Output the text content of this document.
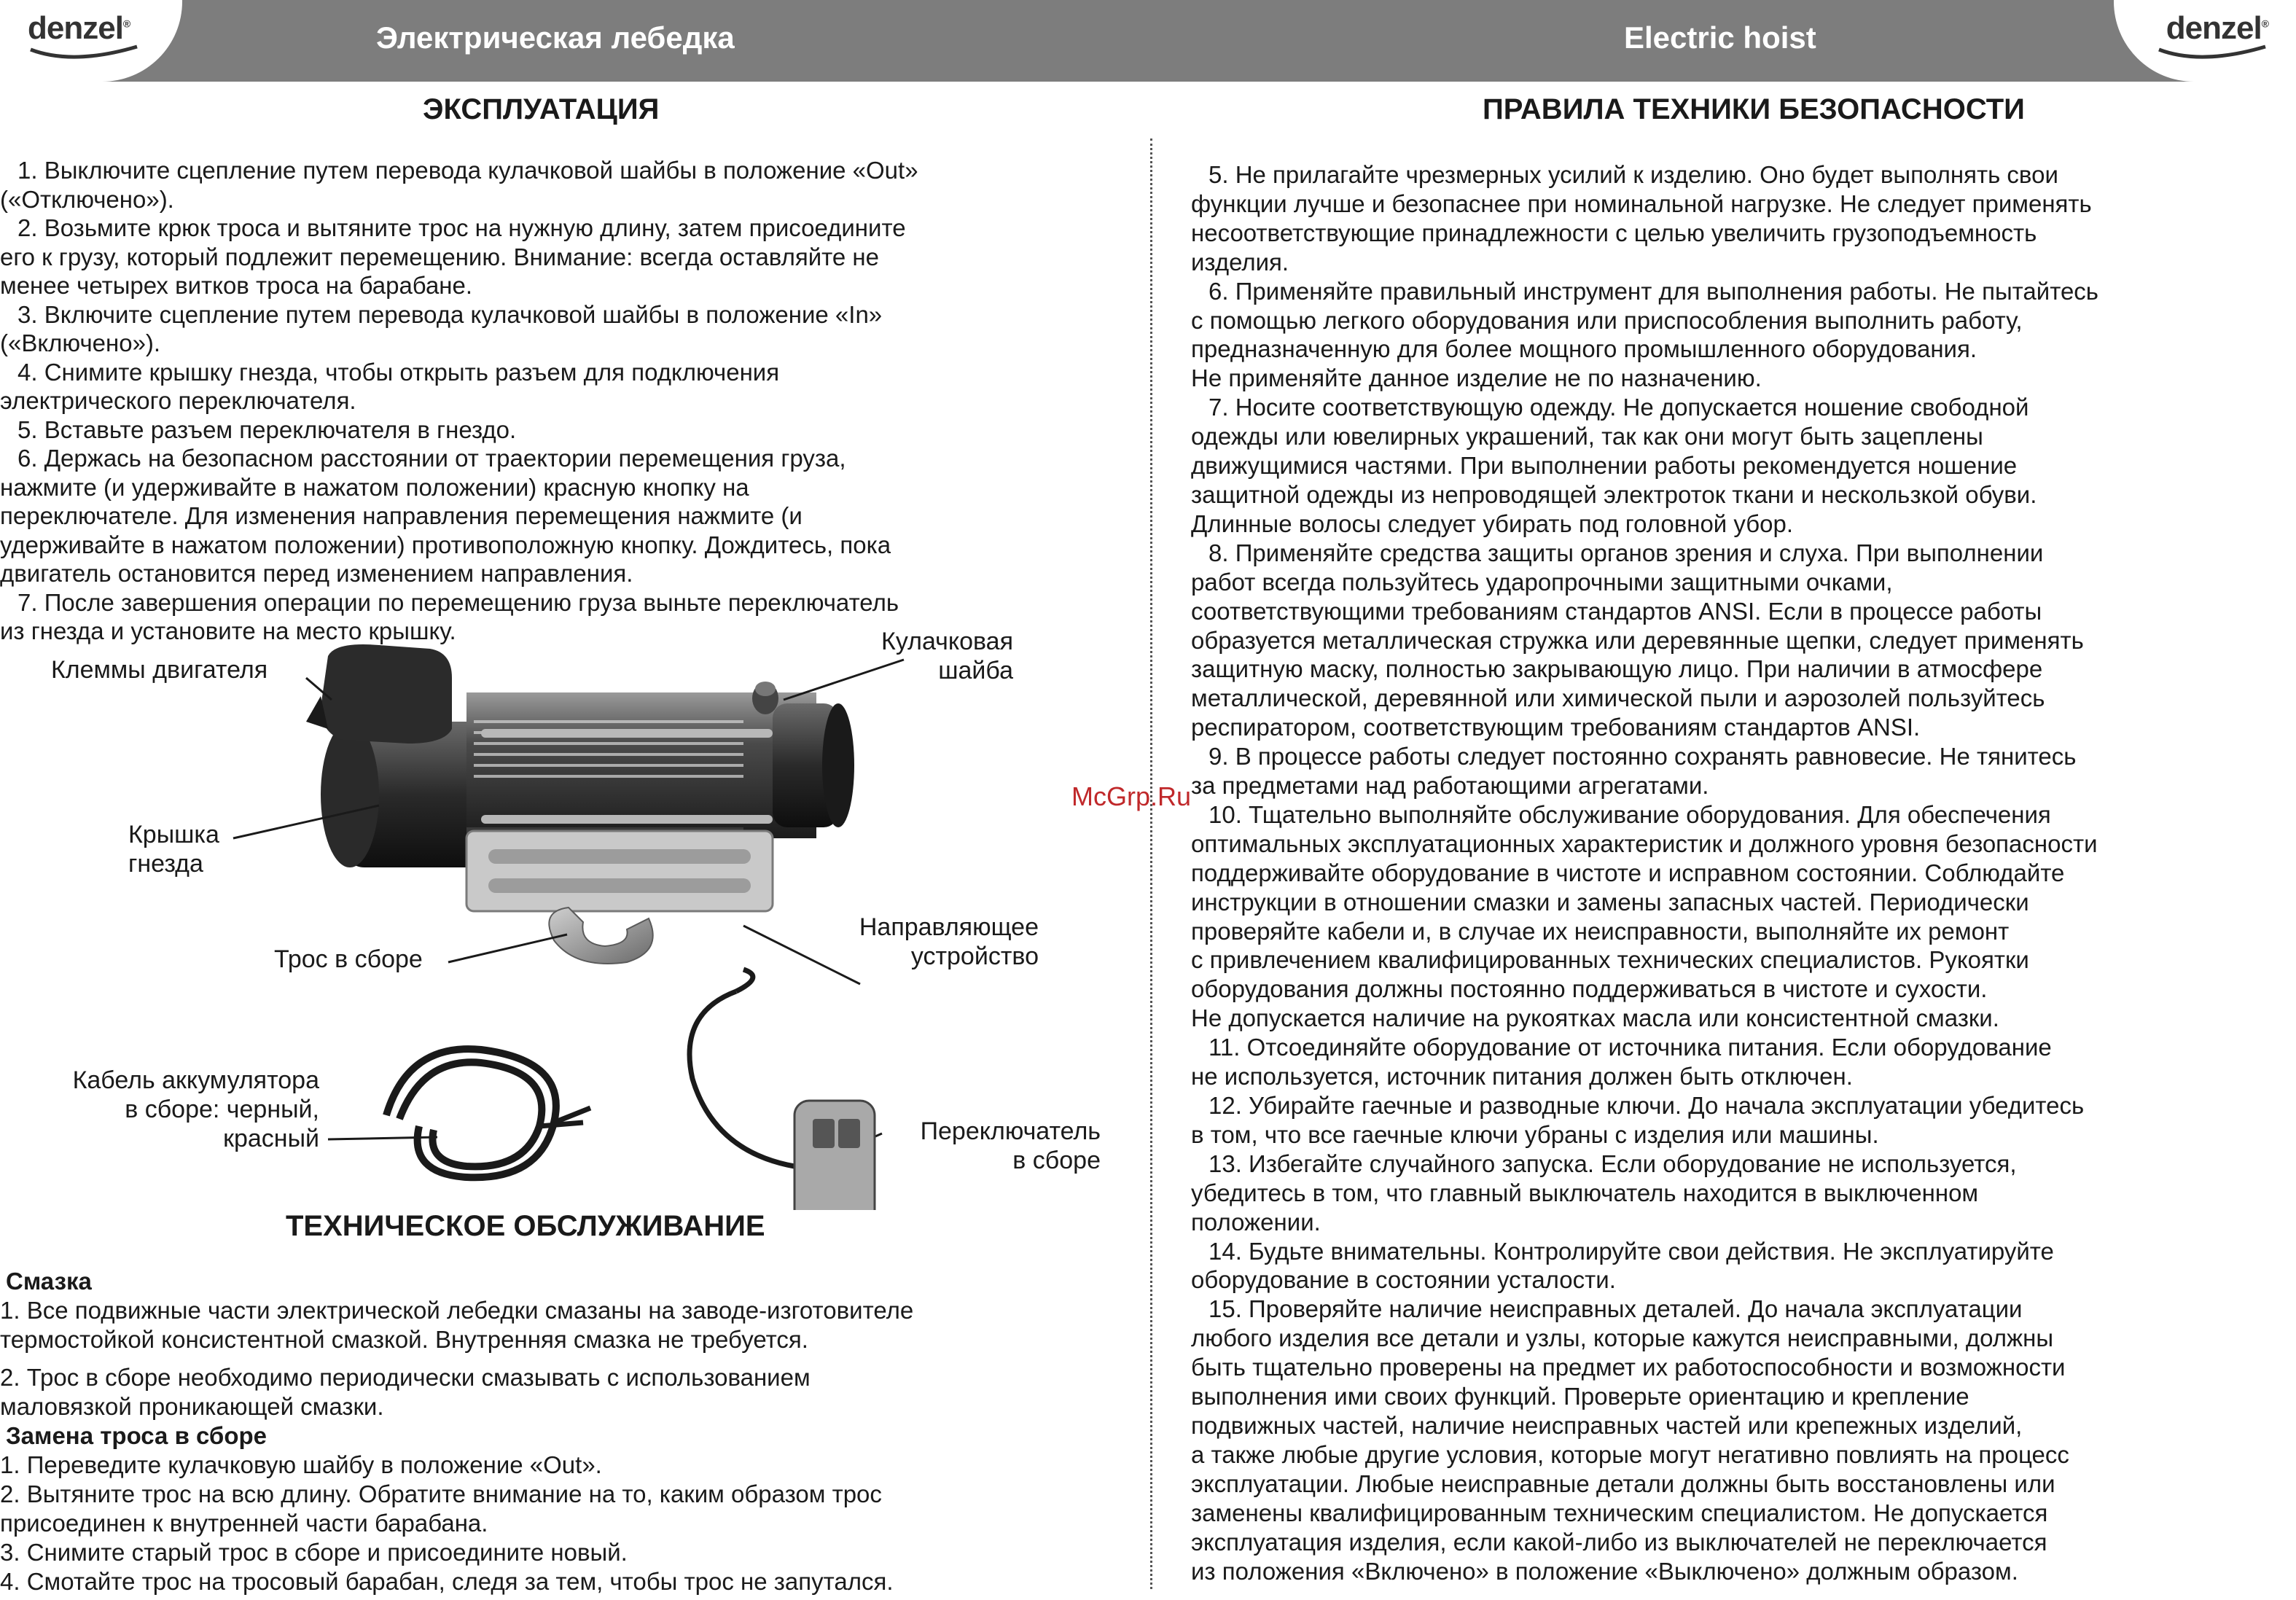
denzel®	Электрическая лебедка	Electric hoist	denzel®
ЭКСПЛУАТАЦИЯ

1. Выключите сцепление путем перевода кулачковой шайбы в положение «Out»

(«Отключено»).

2. Возьмите крюк троса и вытяните трос на нужную длину, затем присоедините

его к грузу, который подлежит перемещению. Внимание: всегда оставляйте не

менее четырех витков троса на барабане.

3. Включите сцепление путем перевода кулачковой шайбы в положение «In»

(«Включено»).

4. Снимите крышку гнезда, чтобы открыть разъем для подключения

электрического переключателя.

5. Вставьте разъем переключателя в гнездо.

6. Держась на безопасном расстоянии от траектории перемещения груза,

нажмите (и удерживайте в нажатом положении) красную кнопку на

переключателе. Для изменения направления перемещения нажмите (и

удерживайте в нажатом положении) противоположную кнопку. Дождитесь, пока

двигатель остановится перед изменением направления.

7. После завершения операции по перемещению груза выньте переключатель

из гнезда и установите на место крышку.

Клеммы двигателя
Кулачковая
шайба
Крышка
гнезда
Трос в сборе
Направляющее
устройство
Кабель аккумулятора
в сборе: черный,
красный	Переключатель
в сборе
ТЕХНИЧЕСКОЕ ОБСЛУЖИВАНИЕ

Смазка

1. Все подвижные части электрической лебедки смазаны на заводе-изготовителе

термостойкой консистентной смазкой. Внутренняя смазка не требуется.

2. Трос в сборе необходимо периодически смазывать с использованием

маловязкой проникающей смазки.

Замена троса в сборе

1. Переведите кулачковую шайбу в положение «Out».

2. Вытяните трос на всю длину. Обратите внимание на то, каким образом трос

присоединен к внутренней части барабана.

3. Снимите старый трос в сборе и присоедините новый.

4. Смотайте трос на тросовый барабан, следя за тем, чтобы трос не запутался.

ПРАВИЛА ТЕХНИКИ БЕЗОПАСНОСТИ

5. Не прилагайте чрезмерных усилий к изделию. Оно будет выполнять свои

функции лучше и безопаснее при номинальной нагрузке. Не следует применять

несоответствующие принадлежности с целью увеличить грузоподъемность

изделия.

6. Применяйте правильный инструмент для выполнения работы. Не пытайтесь

с помощью легкого оборудования или приспособления выполнить работу,

предназначенную для более мощного промышленного оборудования.

Не применяйте данное изделие не по назначению.

7. Носите соответствующую одежду. Не допускается ношение свободной

одежды или ювелирных украшений, так как они могут быть зацеплены

движущимися частями. При выполнении работы рекомендуется ношение

защитной одежды из непроводящей электроток ткани и нескользкой обуви.

Длинные волосы следует убирать под головной убор.

8. Применяйте средства защиты органов зрения и слуха. При выполнении

работ всегда пользуйтесь ударопрочными защитными очками,

соответствующими требованиям стандартов ANSI. Если в процессе работы

образуется металлическая стружка или деревянные щепки, следует применять

защитную маску, полностью закрывающую лицо. При наличии в атмосфере

металлической, деревянной или химической пыли и аэрозолей пользуйтесь

респиратором, соответствующим требованиям стандартов ANSI.

9. В процессе работы следует постоянно сохранять равновесие. Не тянитесь

за предметами над работающими агрегатами.

10. Тщательно выполняйте обслуживание оборудования. Для обеспечения

оптимальных эксплуатационных характеристик и должного уровня безопасности

поддерживайте оборудование в чистоте и исправном состоянии. Соблюдайте

инструкции в отношении смазки и замены запасных частей. Периодически

проверяйте кабели и, в случае их неисправности, выполняйте их ремонт

с привлечением квалифицированных технических специалистов. Рукоятки

оборудования должны постоянно поддерживаться в чистоте и сухости.

Не допускается наличие на рукоятках масла или консистентной смазки.

11. Отсоединяйте оборудование от источника питания. Если оборудование

не используется, источник питания должен быть отключен.

12. Убирайте гаечные и разводные ключи. До начала эксплуатации убедитесь

в том, что все гаечные ключи убраны с изделия или машины.

13. Избегайте случайного запуска. Если оборудование не используется,

убедитесь в том, что главный выключатель находится в выключенном

положении.

14. Будьте внимательны. Контролируйте свои действия. Не эксплуатируйте

оборудование в состоянии усталости.

15. Проверяйте наличие неисправных деталей. До начала эксплуатации

любого изделия все детали и узлы, которые кажутся неисправными, должны

быть тщательно проверены на предмет их работоспособности и возможности

выполнения ими своих функций. Проверьте ориентацию и крепление

подвижных частей, наличие неисправных частей или крепежных изделий,

а также любые другие условия, которые могут негативно повлиять на процесс

эксплуатации. Любые неисправные детали должны быть восстановлены или

заменены квалифицированным техническим специалистом. Не допускается

эксплуатация изделия, если какой-либо из выключателей не переключается

из положения «Включено» в положение «Выключено» должным образом.

McGrp.Ru
